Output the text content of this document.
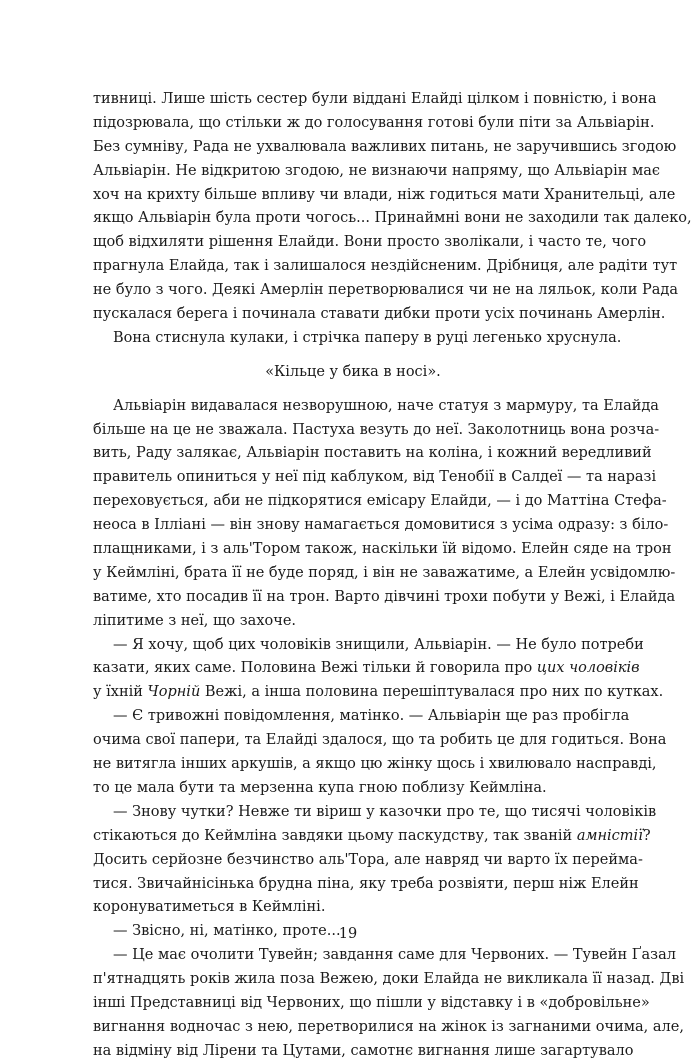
тивниці. Лише шість сестер були віддані Елайді цілком і повністю, і вона
підозрювала, що стільки ж до голосування готові були піти за Альвіарін.
Без сумніву, Рада не ухвалювала важливих питань, не заручившись згодою
Альвіарін. Не відкритою згодою, не визнаючи напряму, що Альвіарін має
хоч на крихту більше впливу чи влади, ніж годиться мати Хранительці, але
якщо Альвіарін була проти чогось... Принаймні вони не заходили так далеко,
щоб відхиляти рішення Елайди. Вони просто зволікали, і часто те, чого
прагнула Елайда, так і залишалося нездійсненим. Дрібниця, але радіти тут
не було з чого. Деякі Амерлін перетворювалися чи не на ляльок, коли Рада
пускалася берега і починала ставати дибки проти усіх починань Амерлін.
Вона стиснула кулаки, і стрічка паперу в руці легенько хруснула.
«Кільце у бика в носі».
Альвіарін видавалася незворушною, наче статуя з мармуру, та Елайда
більше на це не зважала. Пастуха везуть до неї. Заколотниць вона розча-
вить, Раду залякає, Альвіарін поставить на коліна, і кожний вередливий
правитель опиниться у неї під каблуком, від Тенобії в Салдеї — та наразі
переховується, аби не підкорятися емісару Елайди, — і до Маттіна Стефа-
неоса в Ілліані — він знову намагається домовитися з усіма одразу: з біло-
плащниками, і з аль'Тором також, наскільки їй відомо. Елейн сяде на трон
у Кеймліні, брата її не буде поряд, і він не заважатиме, а Елейн усвідомлю-
ватиме, хто посадив її на трон. Варто дівчині трохи побути у Вежі, і Елайда
ліпитиме з неї, що захоче.
— Я хочу, щоб цих чоловіків знищили, Альвіарін. — Не було потреби
казати, яких саме. Половина Вежі тільки й говорила про цих чоловіків
у їхній Чорній Вежі, а інша половина перешіптувалася про них по кутках.
— Є тривожні повідомлення, матінко. — Альвіарін ще раз пробігла
очима свої папери, та Елайді здалося, що та робить це для годиться. Вона
не витягла інших аркушів, а якщо цю жінку щось і хвилювало насправді,
то це мала бути та мерзенна купа гною поблизу Кеймліна.
— Знову чутки? Невже ти віриш у казочки про те, що тисячі чоловіків
стікаються до Кеймліна завдяки цьому паскудству, так званій амністії?
Досить серйозне безчинство аль'Тора, але навряд чи варто їх переймa-
тися. Звичайнісінька брудна піна, яку треба розвіяти, перш ніж Елейн
коронуватиметься в Кеймліні.
— Звісно, ні, матінко, проте...
— Це має очолити Тувейн; завдання саме для Червоних. — Тувейн Ґазал
п'ятнадцять років жила поза Вежею, доки Елайда не викликала її назад. Дві
інші Представниці від Червоних, що пішли у відставку і в «добровільне»
вигнання водночас з нею, перетворилися на жінок із загнаними очима, але,
на відміну від Лірени та Цутами, самотнє вигнання лише загартувало
19
